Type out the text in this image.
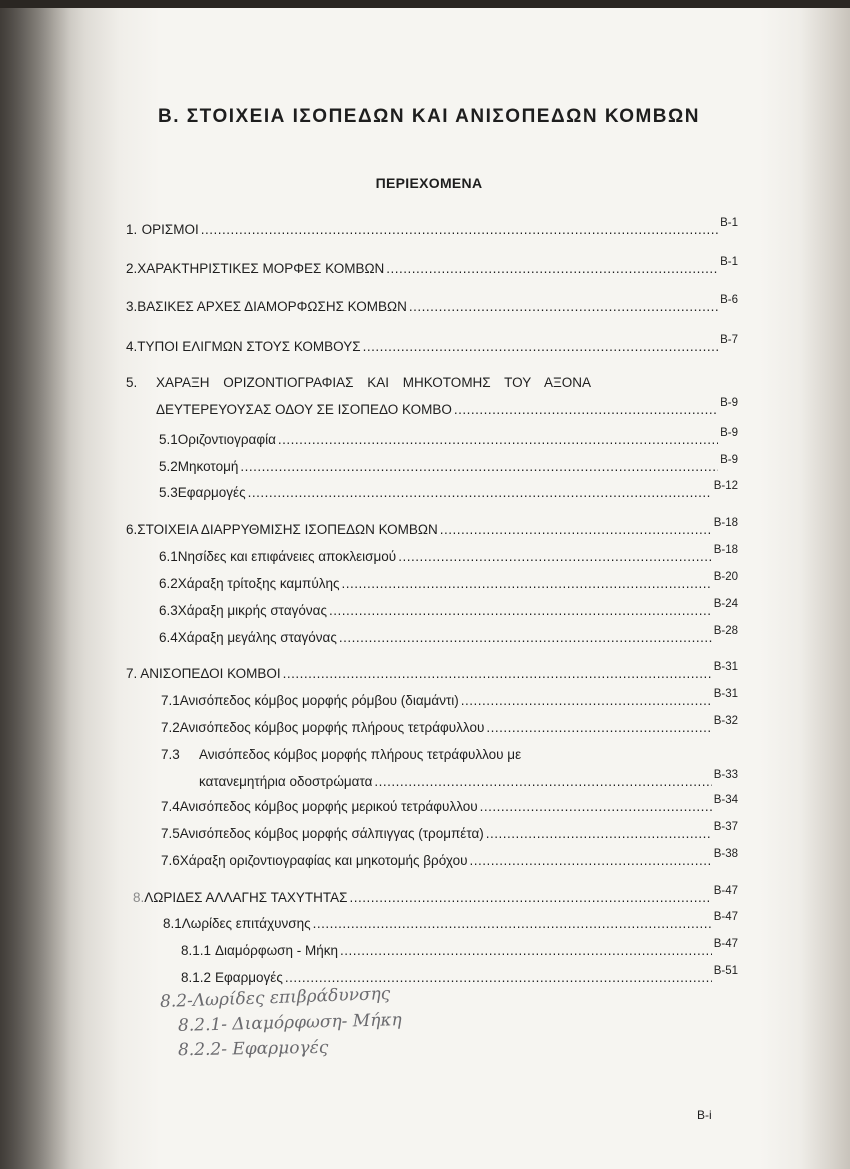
Β. ΣΤΟΙΧΕΙΑ ΙΣΟΠΕΔΩΝ ΚΑΙ ΑΝΙΣΟΠΕΔΩΝ ΚΟΜΒΩΝ
ΠΕΡΙΕΧΟΜΕΝΑ
1. ΟΡΙΣΜΟΙ .....	Β-1
2. ΧΑΡΑΚΤΗΡΙΣΤΙΚΕΣ ΜΟΡΦΕΣ ΚΟΜΒΩΝ .....	Β-1
3. ΒΑΣΙΚΕΣ ΑΡΧΕΣ ΔΙΑΜΟΡΦΩΣΗΣ ΚΟΜΒΩΝ .....	Β-6
4. ΤΥΠΟΙ ΕΛΙΓΜΩΝ ΣΤΟΥΣ ΚΟΜΒΟΥΣ .....	Β-7
5. ΧΑΡΑΞΗ ΟΡΙΖΟΝΤΙΟΓΡΑΦΙΑΣ ΚΑΙ ΜΗΚΟΤΟΜΗΣ ΤΟΥ ΑΞΟΝΑ
ΔΕΥΤΕΡΕΥΟΥΣΑΣ ΟΔΟΥ ΣΕ ΙΣΟΠΕΔΟ ΚΟΜΒΟ .....	Β-9
5.1 Οριζοντιογραφία .....	Β-9
5.2 Μηκοτομή .....	Β-9
5.3 Εφαρμογές .....	Β-12
6. ΣΤΟΙΧΕΙΑ ΔΙΑΡΡΥΘΜΙΣΗΣ ΙΣΟΠΕΔΩΝ ΚΟΜΒΩΝ .....	Β-18
6.1 Νησίδες και επιφάνειες αποκλεισμού .....	Β-18
6.2 Χάραξη τρίτοξης καμπύλης .....	Β-20
6.3 Χάραξη μικρής σταγόνας .....	Β-24
6.4 Χάραξη μεγάλης σταγόνας .....	Β-28
7. ΑΝΙΣΟΠΕΔΟΙ ΚΟΜΒΟΙ .....	Β-31
7.1 Ανισόπεδος κόμβος μορφής ρόμβου (διαμάντι) .....	Β-31
7.2 Ανισόπεδος κόμβος μορφής πλήρους τετράφυλλου .....	Β-32
7.3 Ανισόπεδος κόμβος μορφής πλήρους τετράφυλλου με
κατανεμητήρια οδοστρώματα .....	Β-33
7.4 Ανισόπεδος κόμβος μορφής μερικού τετράφυλλου .....	Β-34
7.5 Ανισόπεδος κόμβος μορφής σάλπιγγας (τρομπέτα) .....	Β-37
7.6 Χάραξη οριζοντιογραφίας και μηκοτομής βρόχου .....	Β-38
8. ΛΩΡΙΔΕΣ ΑΛΛΑΓΗΣ ΤΑΧΥΤΗΤΑΣ .....	Β-47
8.1 Λωρίδες επιτάχυνσης .....	Β-47
8.1.1 Διαμόρφωση - Μήκη .....	Β-47
8.1.2 Εφαρμογές .....	Β-51
8.2-Λωρίδες επιβράδυνσης
8.2.1- Διαμόρφωση- Μήκη
8.2.2- Εφαρμογές
Β-i
